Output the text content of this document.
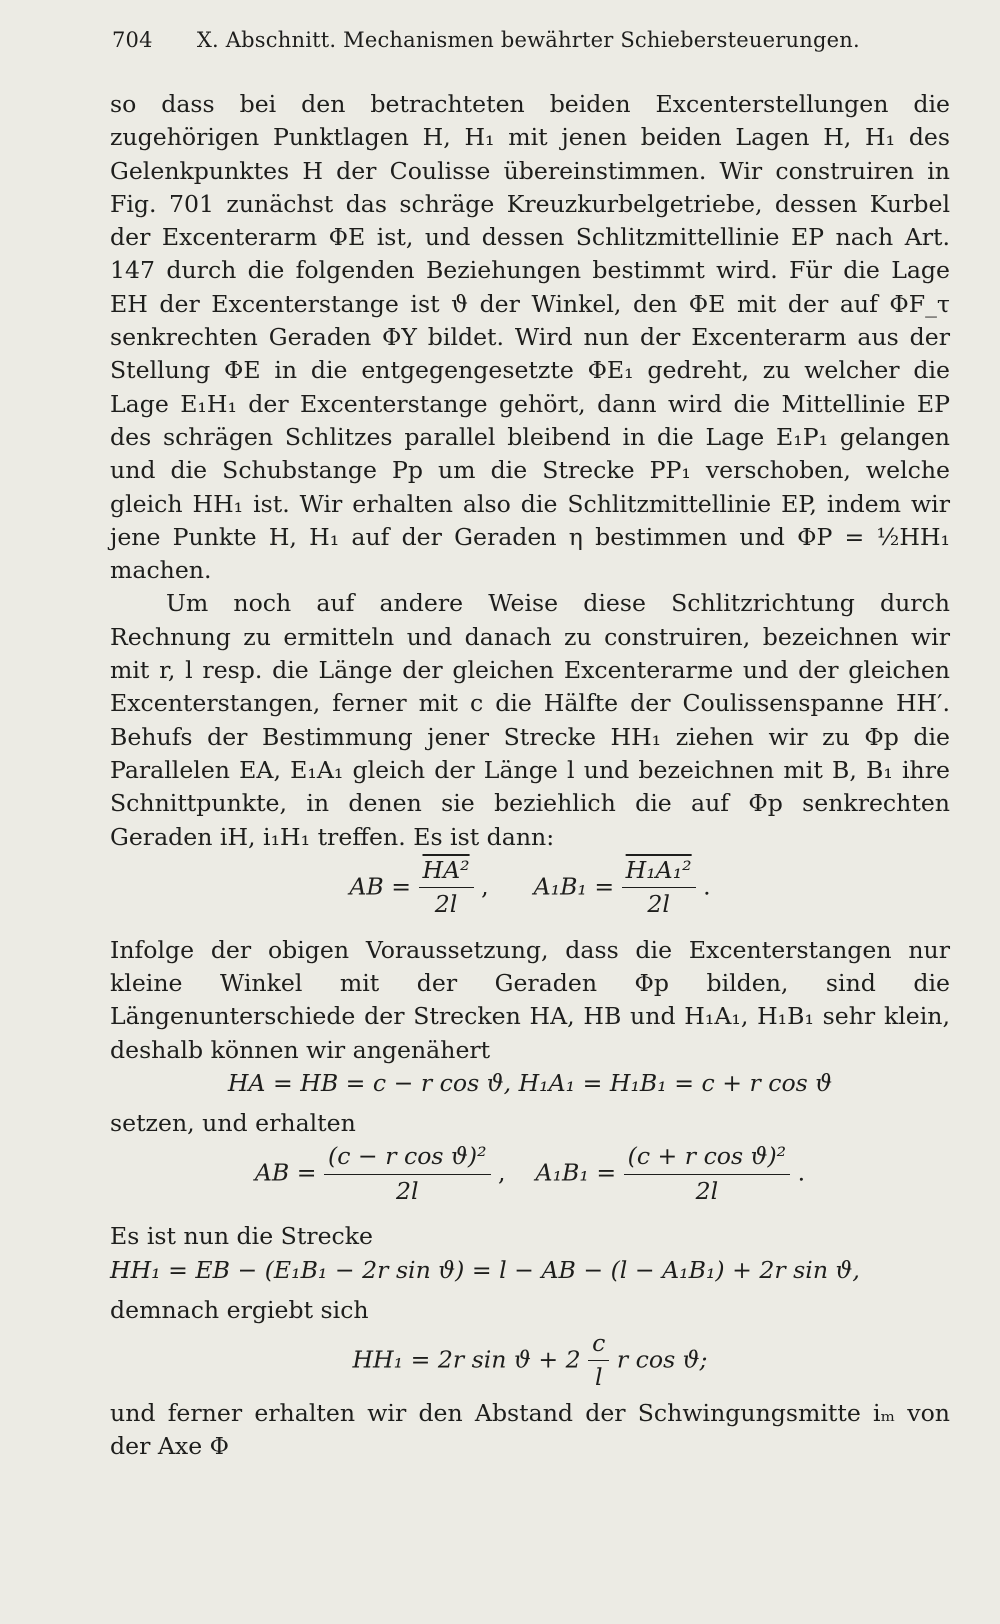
704 X. Abschnitt. Mechanismen bewährter Schiebersteuerungen.
so dass bei den betrachteten beiden Excenterstellungen die zugehörigen Punktlagen H, H₁ mit jenen beiden Lagen H, H₁ des Gelenkpunktes H der Coulisse übereinstimmen. Wir construiren in Fig. 701 zunächst das schräge Kreuzkurbelgetriebe, dessen Kurbel der Excenterarm ΦE ist, und dessen Schlitzmittellinie EP nach Art. 147 durch die folgenden Beziehungen bestimmt wird. Für die Lage EH der Excenterstange ist ϑ der Winkel, den ΦE mit der auf ΦF_τ senkrechten Geraden ΦY bildet. Wird nun der Excenterarm aus der Stellung ΦE in die entgegengesetzte ΦE₁ gedreht, zu welcher die Lage E₁H₁ der Excenterstange gehört, dann wird die Mittellinie EP des schrägen Schlitzes parallel bleibend in die Lage E₁P₁ gelangen und die Schubstange Pp um die Strecke PP₁ verschoben, welche gleich HH₁ ist. Wir erhalten also die Schlitzmittellinie EP, indem wir jene Punkte H, H₁ auf der Geraden η bestimmen und ΦP = ½HH₁ machen.
Um noch auf andere Weise diese Schlitzrichtung durch Rechnung zu ermitteln und danach zu construiren, bezeichnen wir mit r, l resp. die Länge der gleichen Excenterarme und der gleichen Excenterstangen, ferner mit c die Hälfte der Coulissenspanne HH′. Behufs der Bestimmung jener Strecke HH₁ ziehen wir zu Φp die Parallelen EA, E₁A₁ gleich der Länge l und bezeichnen mit B, B₁ ihre Schnittpunkte, in denen sie beziehlich die auf Φp senkrechten Geraden iH, i₁H₁ treffen. Es ist dann:
AB = $\frac{\text{HA²}}{2l}$ , $A_1B_1 = \frac{\text{H₁A₁²}}{2l}$ .
Infolge der obigen Voraussetzung, dass die Excenterstangen nur kleine Winkel mit der Geraden Φp bilden, sind die Längenunterschiede der Strecken HA, HB und H₁A₁, H₁B₁ sehr klein, deshalb können wir angenähert
HA = HB = c − r cos ϑ, H₁A₁ = H₁B₁ = c + r cos ϑ
setzen, und erhalten
AB = $\frac{\text{(c − r cos ϑ)²}}{2l}$ , $A_1B_1 = \frac{\text{(c + r cos ϑ)²}}{2l}$ .
Es ist nun die Strecke
HH₁ = EB − (E₁B₁ − 2r sin ϑ) = l − AB − (l − A₁B₁) + 2r sin ϑ,
demnach ergiebt sich
HH₁ = 2r $\sin ϑ + 2 \frac{c}{l}$ r cos ϑ;
und ferner erhalten wir den Abstand der Schwingungsmitte iₘ von der Axe Φ
